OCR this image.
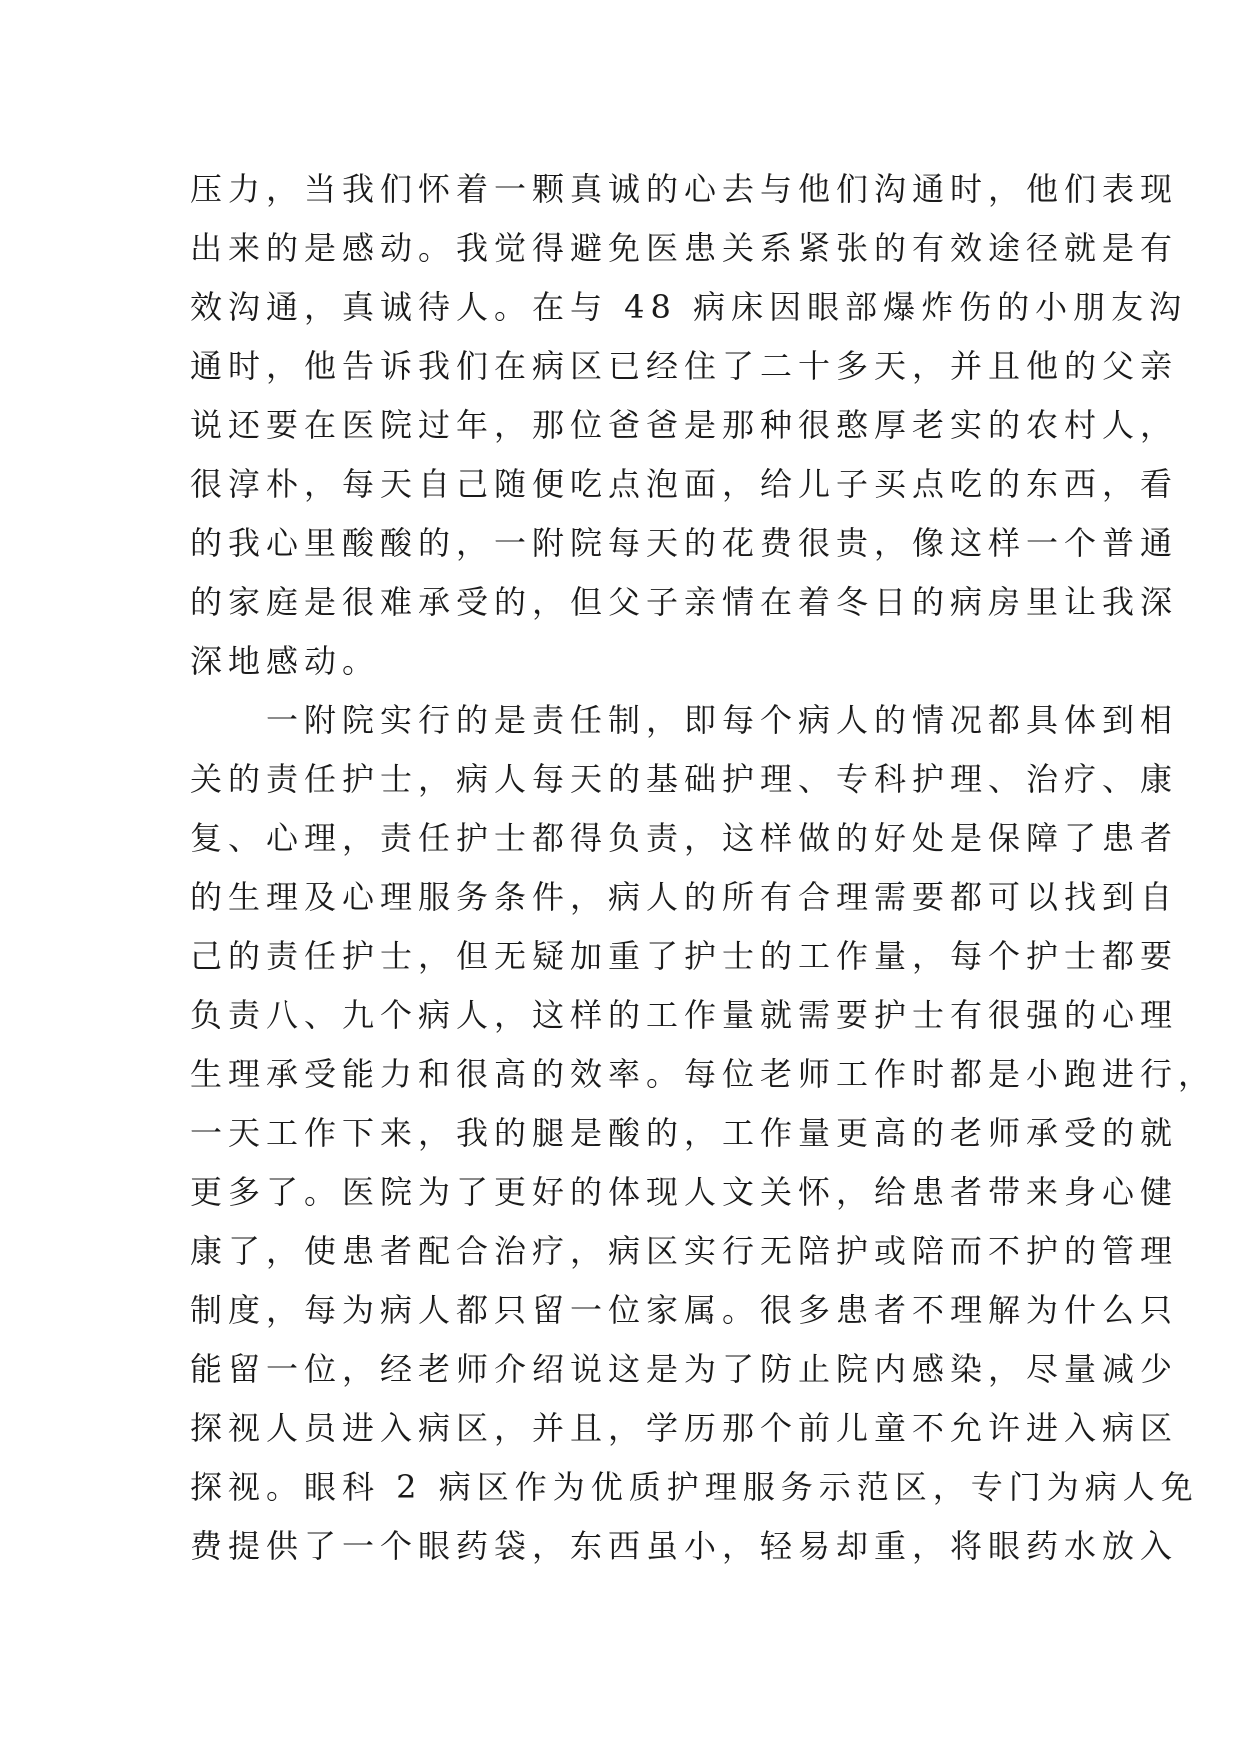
压力，当我们怀着一颗真诚的心去与他们沟通时，他们表现
出来的是感动。我觉得避免医患关系紧张的有效途径就是有
效沟通，真诚待人。在与 48 病床因眼部爆炸伤的小朋友沟
通时，他告诉我们在病区已经住了二十多天，并且他的父亲
说还要在医院过年，那位爸爸是那种很憨厚老实的农村人，
很淳朴，每天自己随便吃点泡面，给儿子买点吃的东西，看
的我心里酸酸的，一附院每天的花费很贵，像这样一个普通
的家庭是很难承受的，但父子亲情在着冬日的病房里让我深
深地感动。
一附院实行的是责任制，即每个病人的情况都具体到相
关的责任护士，病人每天的基础护理、专科护理、治疗、康
复、心理，责任护士都得负责，这样做的好处是保障了患者
的生理及心理服务条件，病人的所有合理需要都可以找到自
己的责任护士，但无疑加重了护士的工作量，每个护士都要
负责八、九个病人，这样的工作量就需要护士有很强的心理
生理承受能力和很高的效率。每位老师工作时都是小跑进行，
一天工作下来，我的腿是酸的，工作量更高的老师承受的就
更多了。医院为了更好的体现人文关怀，给患者带来身心健
康了，使患者配合治疗，病区实行无陪护或陪而不护的管理
制度，每为病人都只留一位家属。很多患者不理解为什么只
能留一位，经老师介绍说这是为了防止院内感染，尽量减少
探视人员进入病区，并且，学历那个前儿童不允许进入病区
探视。眼科 2 病区作为优质护理服务示范区，专门为病人免
费提供了一个眼药袋，东西虽小，轻易却重，将眼药水放入
